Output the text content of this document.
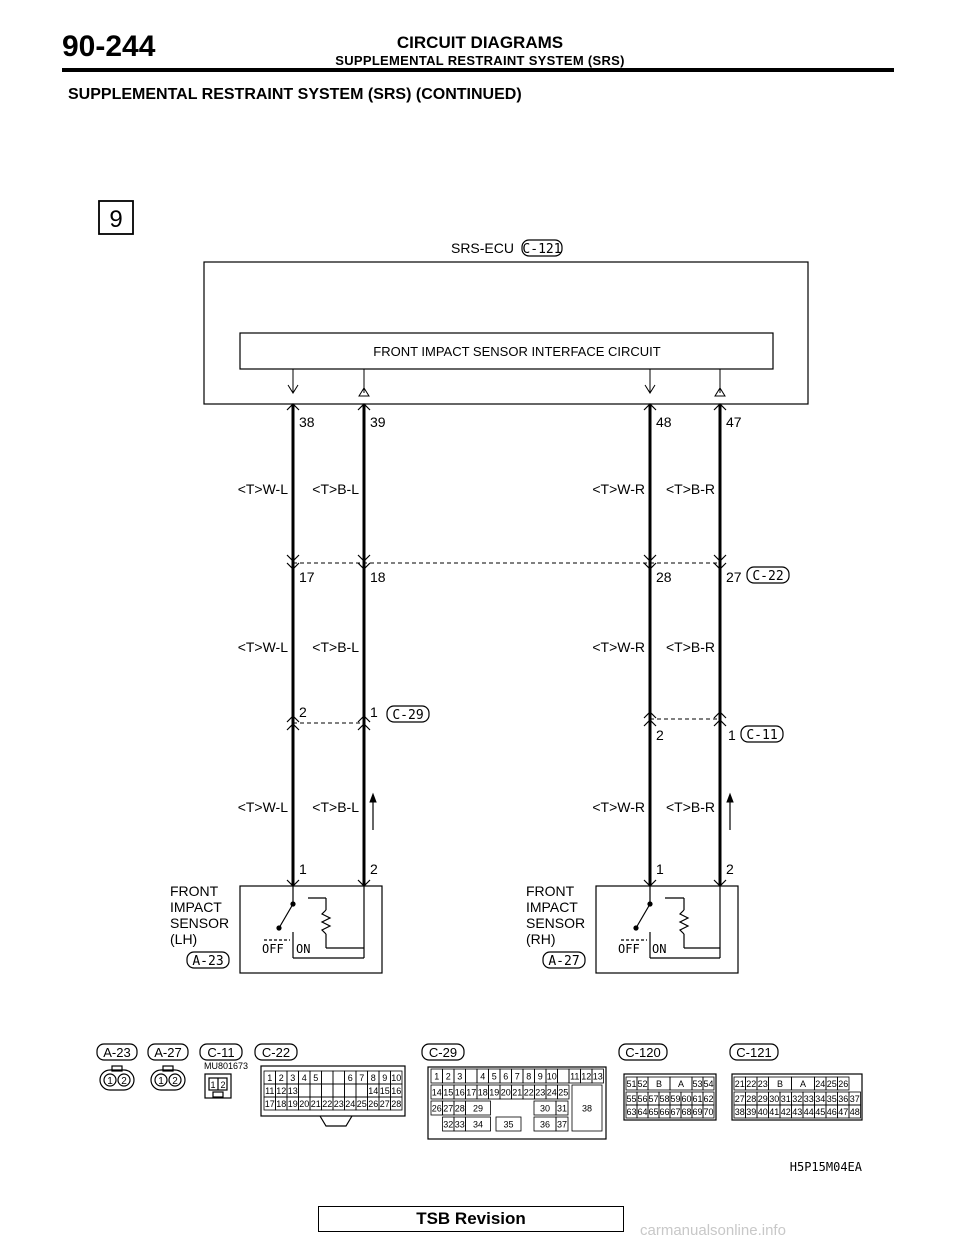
90-244	CIRCUIT DIAGRAMS
SUPPLEMENTAL RESTRAINT SYSTEM (SRS)
SUPPLEMENTAL RESTRAINT SYSTEM (SRS) (CONTINUED)
9
SRS-ECU C-121
FRONT IMPACT SENSOR INTERFACE CIRCUIT
38	39	48	47
17	18	28	27
2	1
2	1
1	2	1	2
C-22
C-29
C-11
<T>W-L <T>B-L	<T>W-R <T>B-R
<T>W-L <T>B-L	<T>W-R <T>B-R
<T>W-L <T>B-L	<T>W-R <T>B-R
FRONT IMPACT SENSOR (LH)
OFF ON
A-23
FRONT IMPACT SENSOR (RH)
OFF ON
A-27
A-23 A-27 C-11 C-22	C-29	C-120	C-121
1 2	1 2
MU801673
1 2
1 2 3 4 5	6 7 8 9 10
11 12 13	14 15 16
17 18 19 20 21 22 23 24 25 26 27 28
1 2 3 4 5 6 7 8 9 10 11 12 13
14 15 16 17 18 19 20 21 22 23 24 25
26 27 28 29	30 31
32 33 34 35	36 37
38
51 52 B A 53 54
55 56 57 58 59 60 61 62
63 64 65 66 67 68 69 70
21 22 23 B A 24 25 26
27 28 29 30 31 32 33 34 35 36 37
38 39 40 41 42 43 44 45 46 47 48
H5P15M04EA
TSB Revision
carmanualsonline.info
